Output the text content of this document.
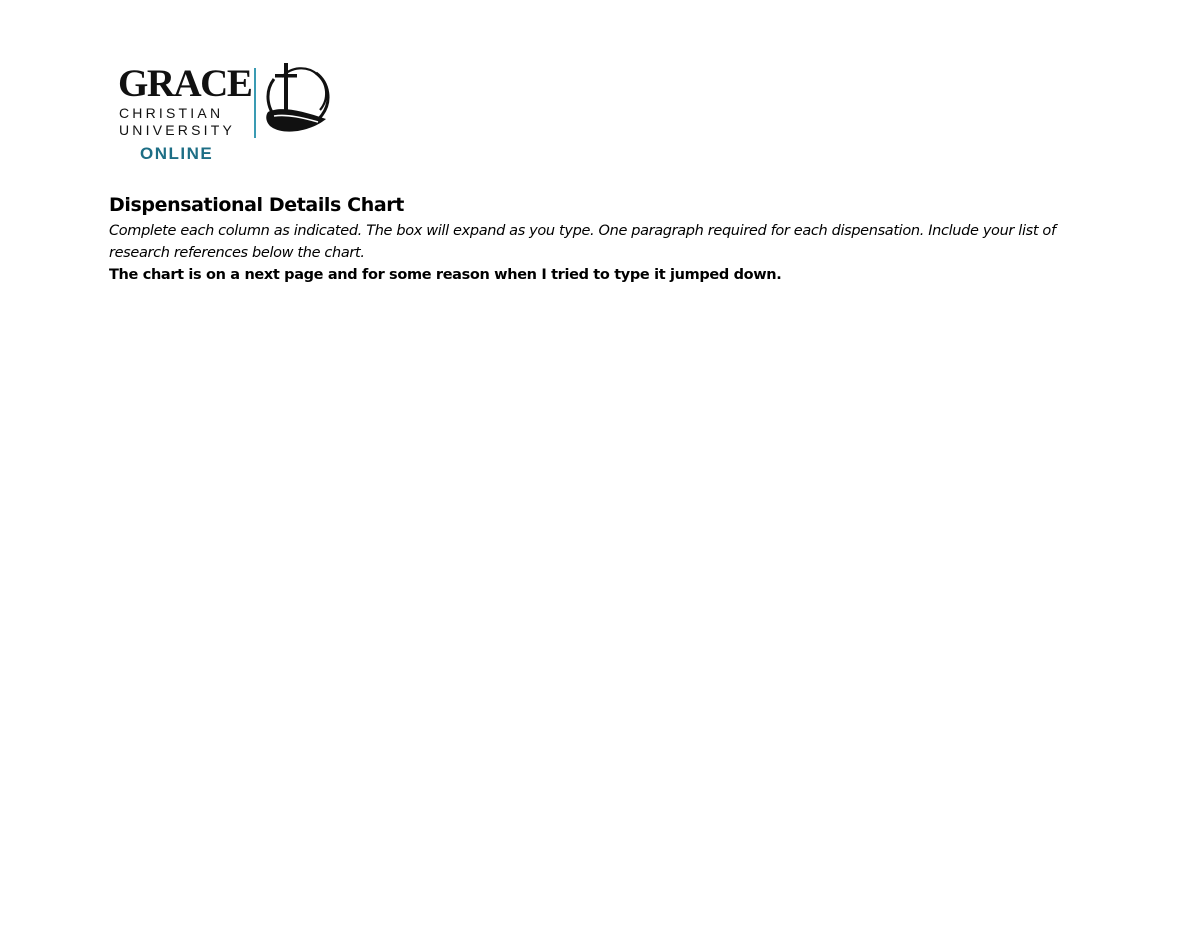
GRACE
CHRISTIAN
UNIVERSITY
ONLINE
Dispensational Details Chart
Complete each column as indicated. The box will expand as you type. One paragraph required for each dispensation. Include your list of research references below the chart.
The chart is on a next page and for some reason when I tried to type it jumped down.
